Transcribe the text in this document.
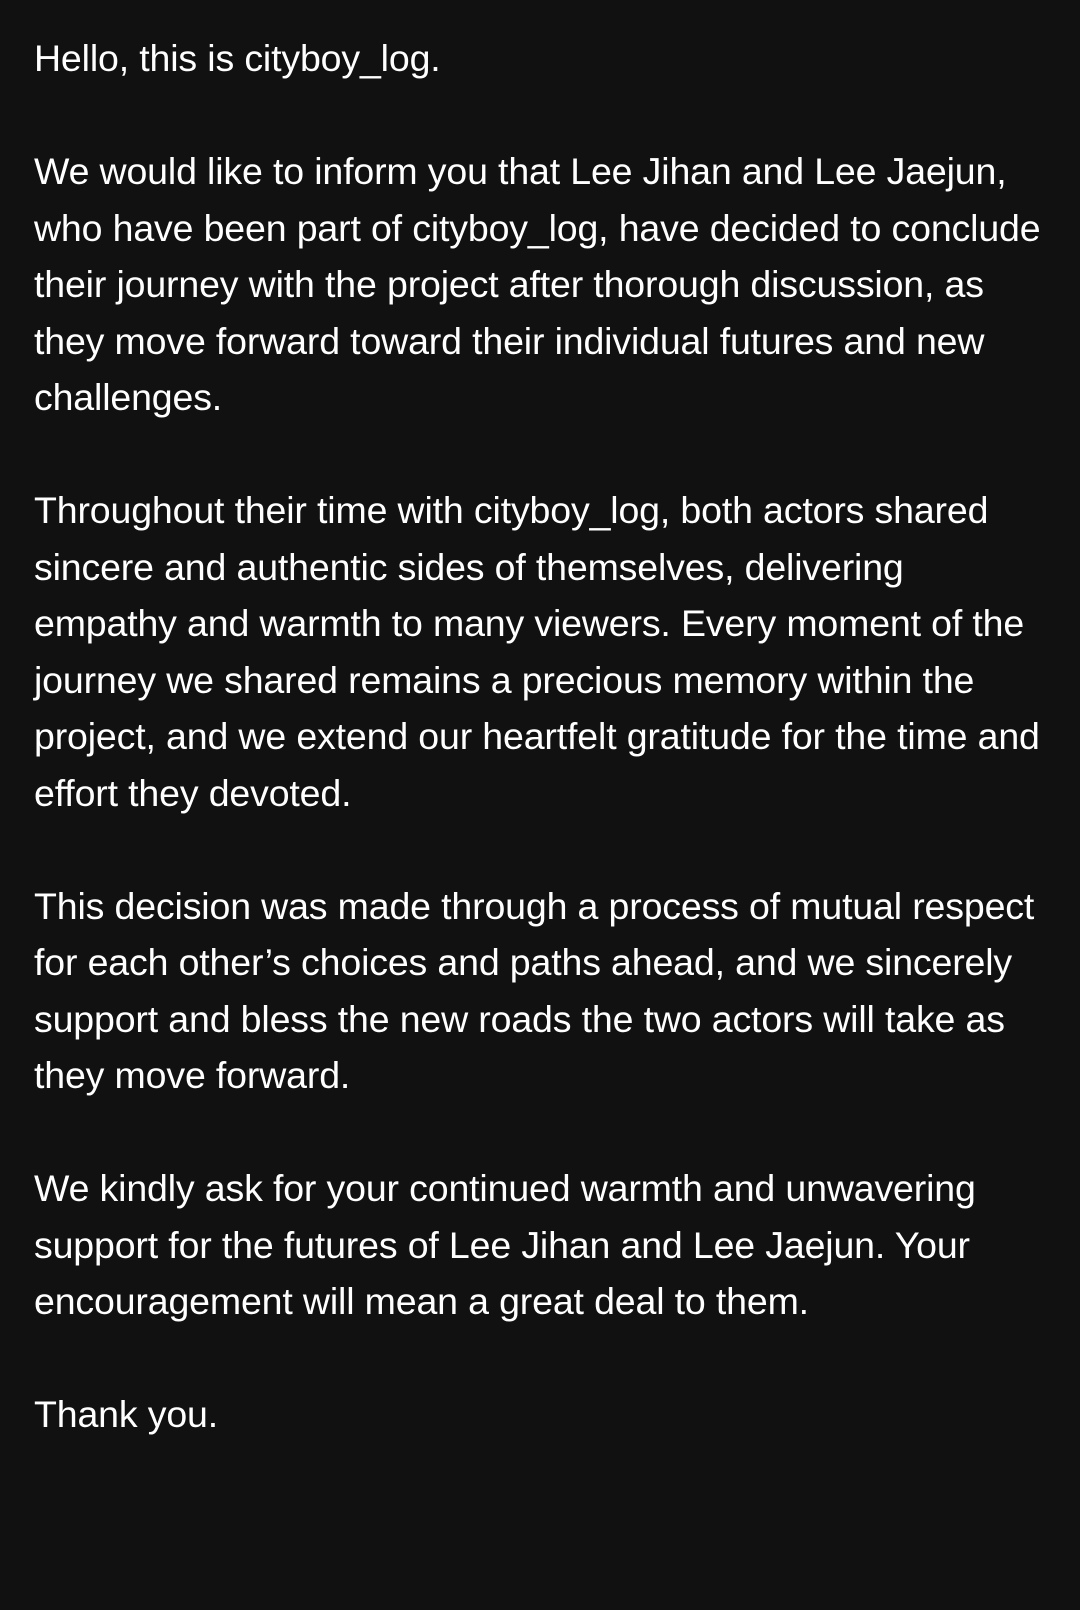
Hello, this is cityboy_log.

We would like to inform you that Lee Jihan and Lee Jaejun, who have been part of cityboy_log, have decided to conclude their journey with the project after thorough discussion, as they move forward toward their individual futures and new challenges.

Throughout their time with cityboy_log, both actors shared sincere and authentic sides of themselves, delivering empathy and warmth to many viewers. Every moment of the journey we shared remains a precious memory within the project, and we extend our heartfelt gratitude for the time and effort they devoted.

This decision was made through a process of mutual respect for each other’s choices and paths ahead, and we sincerely support and bless the new roads the two actors will take as they move forward.

We kindly ask for your continued warmth and unwavering support for the futures of Lee Jihan and Lee Jaejun. Your encouragement will mean a great deal to them.

Thank you.
